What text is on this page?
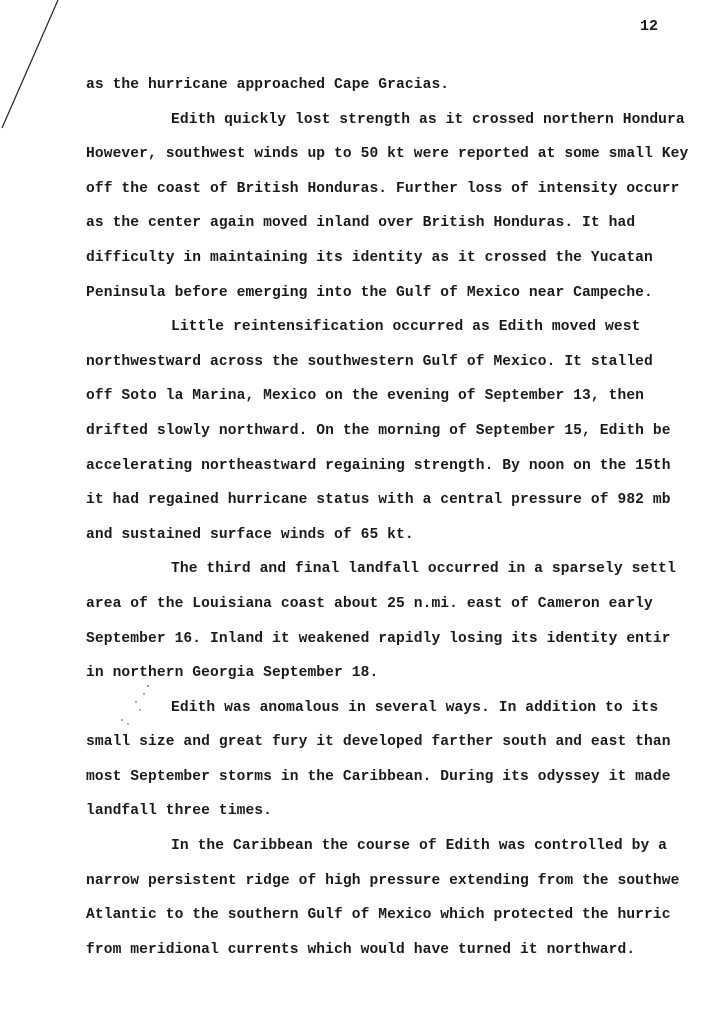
12
as the hurricane approached Cape Gracias.
Edith quickly lost strength as it crossed northern Hondura
However, southwest winds up to 50 kt were reported at some small Key
off the coast of British Honduras. Further loss of intensity occurr
as the center again moved inland over British Honduras. It had
difficulty in maintaining its identity as it crossed the Yucatan
Peninsula before emerging into the Gulf of Mexico near Campeche.
Little reintensification occurred as Edith moved west
northwestward across the southwestern Gulf of Mexico. It stalled
off Soto la Marina, Mexico on the evening of September 13, then
drifted slowly northward. On the morning of September 15, Edith be
accelerating northeastward regaining strength. By noon on the 15th
it had regained hurricane status with a central pressure of 982 mb
and sustained surface winds of 65 kt.
The third and final landfall occurred in a sparsely settl
area of the Louisiana coast about 25 n.mi. east of Cameron early
September 16. Inland it weakened rapidly losing its identity entir
in northern Georgia September 18.
Edith was anomalous in several ways. In addition to its
small size and great fury it developed farther south and east than
most September storms in the Caribbean. During its odyssey it made
landfall three times.
In the Caribbean the course of Edith was controlled by a
narrow persistent ridge of high pressure extending from the southwe
Atlantic to the southern Gulf of Mexico which protected the hurric
from meridional currents which would have turned it northward.
